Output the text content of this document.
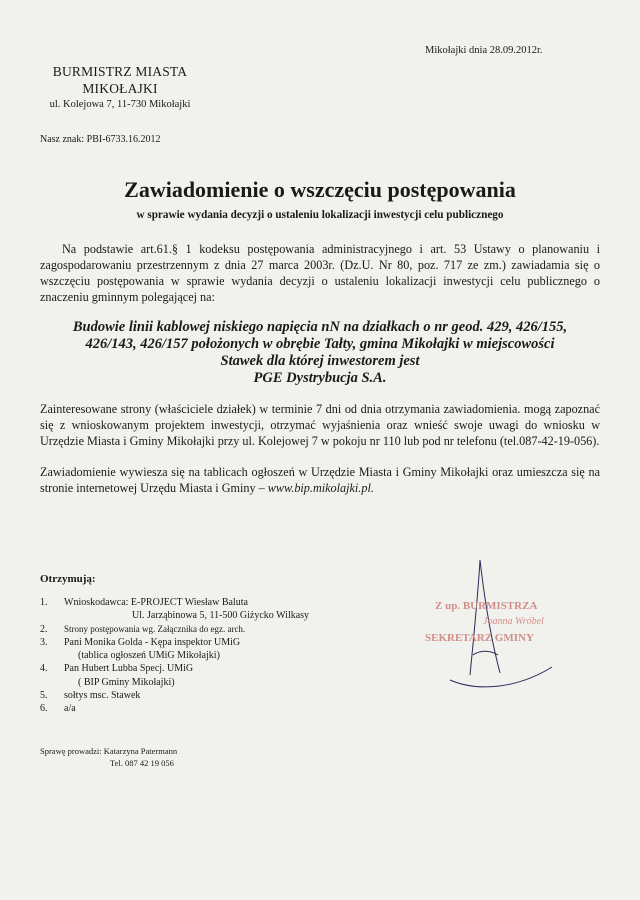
Mikołajki dnia 28.09.2012r.
BURMISTRZ MIASTA
MIKOŁAJKI
ul. Kolejowa 7, 11-730 Mikołajki
Nasz znak: PBI-6733.16.2012
Zawiadomienie o wszczęciu postępowania
w sprawie wydania decyzji o ustaleniu lokalizacji inwestycji celu publicznego
Na podstawie art.61.§ 1 kodeksu postępowania administracyjnego i art. 53 Ustawy o planowaniu i zagospodarowaniu przestrzennym z dnia 27 marca 2003r. (Dz.U. Nr 80, poz. 717 ze zm.) zawiadamia się o wszczęciu postępowania w sprawie wydania decyzji o ustaleniu lokalizacji inwestycji celu publicznego o znaczeniu gminnym polegającej na:
Budowie linii kablowej niskiego napięcia nN na działkach o nr geod. 429, 426/155,
426/143, 426/157 położonych w obrębie Tałty, gmina Mikołajki w miejscowości
Stawek dla której inwestorem jest
PGE Dystrybucja S.A.
Zainteresowane strony (właściciele działek) w terminie 7 dni od dnia otrzymania zawiadomienia. mogą zapoznać się z wnioskowanym projektem inwestycji, otrzymać wyjaśnienia oraz wnieść swoje uwagi do wniosku w Urzędzie Miasta i Gminy Mikołajki przy ul. Kolejowej 7 w pokoju nr 110 lub pod nr telefonu (tel.087-42-19-056).
Zawiadomienie wywiesza się na tablicach ogłoszeń w Urzędzie Miasta i Gminy Mikołajki oraz umieszcza się na stronie internetowej Urzędu Miasta i Gminy – www.bip.mikolajki.pl.
Otrzymują:
1. Wnioskodawca: E-PROJECT Wiesław Baluta
Ul. Jarząbinowa 5, 11-500 Giżycko Wilkasy
2. Strony postępowania wg. Załącznika do egz. arch.
3. Pani Monika Golda - Kępa inspektor UMiG
(tablica ogłoszeń UMiG Mikołajki)
4. Pan Hubert Lubba Specj. UMiG
( BIP Gminy Mikołajki)
5. sołtys msc. Stawek
6. a/a
Z up. BURMISTRZA
Joanna Wróbel
SEKRETARZ GMINY
Sprawę prowadzi: Katarzyna Patermann
Tel. 087 42 19 056
